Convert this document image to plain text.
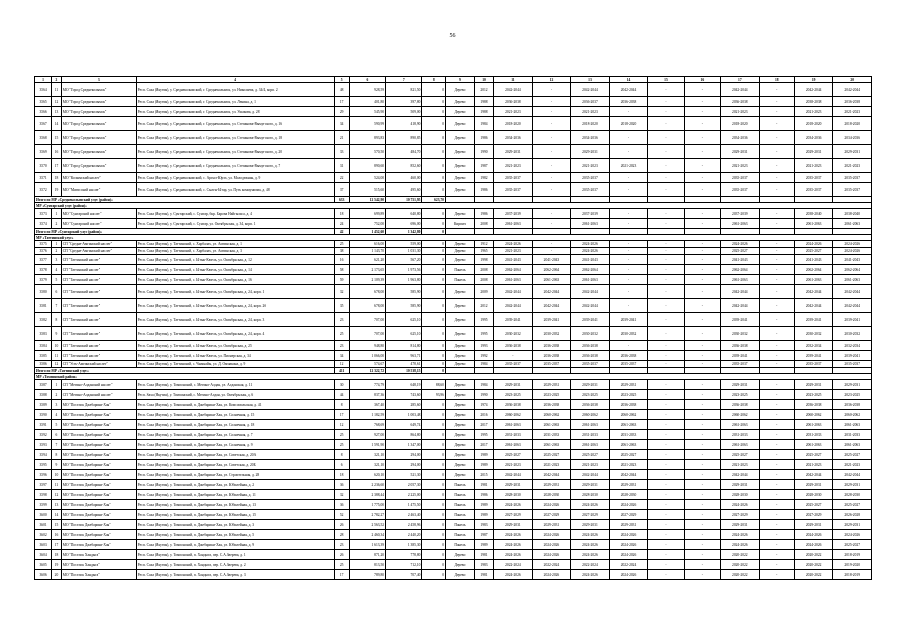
56
1	2	3	4	5	6	7	8	9	10	11	12	13	14	15	16	17	18	19	20
3564	11	МО "Город Среднеколымск"	Респ. Саха (Якутия), у. Среднеколымский, г. Среднеколымск, ул. Николаева, д. 34/4, корп. 2	48	928,59	821,50	0	Дерево	2012	2042-2044	-	2042-2044	2042-2044	-	-	2042-2044	-	2042-2044	2042-2044
3565	12	МО "Город Среднеколымск"	Респ. Саха (Якутия), у. Среднеколымский, г. Среднеколымск, ул. Ленина, д. 1	17	401,80	397,80	0	Дерево	1988	2036-2038	-	2036-2037	2036-2038	-	-	2036-2038	-	2038-2038	2036-2038
3566	13	МО "Город Среднеколымск"	Респ. Саха (Якутия), у. Среднеколымский, г. Среднеколымск, ул. Ушакова, д. 28	29	545,90	509,00	0	Дерево	1988	2021-2023	-	2021-2023	-	-	-	2021-2023	-	2021-2023	2021-2023
3567	14	МО "Город Среднеколымск"	Респ. Саха (Якутия), у. Среднеколымский, г. Среднеколымск, ул. Степанова-Вымугского, д. 16	34	590,99	418,90	0	Дерево	1984	2018-2020	-	2018-2020	2018-2020	-	-	2018-2020	-	2018-2020	2018-2020
3568	15	МО "Город Среднеколымск"	Респ. Саха (Якутия), у. Среднеколымский, г. Среднеколымск, ул. Степанова-Вымугского, д. 18	21	893,83	890,85	0	Дерево	1986	2034-2036	-	2034-2036	-	-	-	2034-2036	-	2034-2036	2034-2036
3569	16	МО "Город Среднеколымск"	Респ. Саха (Якутия), у. Среднеколымский, г. Среднеколымск, ул. Степанова-Вымугского, д. 20	33	570,50	484,70	0	Дерево	1990	2029-2031	-	2029-2031	-	-	-	2029-2031	-	2029-2031	2029-2031
3570	17	МО "Город Среднеколымск"	Респ. Саха (Якутия), у. Среднеколымский, г. Среднеколымск, ул. Степанова-Вымугского, д. 7	31	890,60	852,60	0	Дерево	1987	2021-2023	-	2021-2023	2021-2023	-	-	2021-2023	-	2021-2023	2021-2023
3571	18	МО "Колымский наслег"	Респ. Саха (Якутия), у. Среднеколымский, с. Аргыл-Юрэх, ул. Молодежная, д. 9	22	524,00	460,00	0	Дерево	1982	2035-2037	-	2035-2037	-	-	-	2035-2037	-	2035-2037	2035-2037
3572	19	МО "Мятисский наслег"	Респ. Саха (Якутия), у. Среднеколымский, с. Сылгы-Ытар, ул. Путь коммунизма, д. 48	37	515,60	495,60	0	Дерево	1986	2035-2037	-	2035-2037	-	-	-	2035-2037	-	2035-2037	2035-2037
Итого по МР «Среднеколымский улус (район)»				633	12 542,90	10 751,95	623,70												
МР «Сунтарский улус (район)»																			
3573	1	МО "Сунтарский наслег"	Респ. Саха (Якутия), у. Сунтарский, с. Сунтар, бкр. Барова Найгыласа, д. 4	18	699,89	640,80	0	Дерево	1986	2037-2039	-	2037-2039	-	-	-	2037-2039	-	2038-2040	2038-2040
3574	2	МО "Сунтарский наслег"	Респ. Саха (Якутия), у. Сунтарский, с. Сунтар, ул. Октябрьская, д. 34, корп. 1	24	752,00	696,00	0	Кирпич	2008	2061-2063	-	2061-2063	-	-	-	2061-2063	-	2061-2063	2061-2063
Итого по МР «Сунтарский улус (район)»				42	1 452,60	1 342,80	0												
МР «Таттинский улус»																			
3575	1	СП "Средне-Амгинский наслег"	Респ. Саха (Якутия), у. Таттинский, с. Харбалах, ул. Амгинская, д. 1	25	616,00	559,00	0	Дерево	1912	2024-2026	-	2024-2026	-	-	-	2024-2026	-	2024-2026	2024-2026
3576	2	СП "Средне-Амгинский наслег"	Респ. Саха (Якутия), у. Таттинский, с. Харбалах, ул. Амгинская, д. 3	38	1 143,70	1 031,30	0	Дерево	1965	2021-2023	-	2024-2026	-	-	-	2025-2027	-	2025-2027	2024-2026
3577	3	СП "Таттинский наслег"	Респ. Саха (Якутия), у. Таттинский, с. Ытык-Кюель, ул. Октябрьская, д. 12	16	621,20	567,20	0	Дерево	1998	2041-2043	2041-2043	2041-2043	-	-	-	2041-2043	-	2041-2043	2041-2043
3578	4	СП "Таттинский наслег"	Респ. Саха (Якутия), у. Таттинский, с. Ытык-Кюель, ул. Октябрьская, д. 14	58	2 173,65	1 973,56	0	Панель	2008	2062-2064	2062-2064	2062-2064	-	-	-	2062-2064	-	2062-2064	2062-2064
3579	5	СП "Таттинский наслег"	Респ. Саха (Якутия), у. Таттинский, с. Ытык-Кюель, ул. Октябрьская, д. 16	59	2 109,39	1 963,80	0	Панель	2008	2061-2063	2061-2063	2061-2063	-	-	-	2061-2063	-	2061-2063	2061-2063
3580	6	СП "Таттинский наслег"	Респ. Саха (Якутия), у. Таттинский, с. Ытык-Кюель, ул. Октябрьская, д. 24, корп. 1	32	678,00	585,90	0	Дерево	2009	2042-2044	2042-2044	2042-2044	-	-	-	2042-2044	-	2042-2044	2042-2044
3581	7	СП "Таттинский наслег"	Респ. Саха (Якутия), у. Таттинский, с. Ытык-Кюель, ул. Октябрьская, д. 24, корп. 2б	35	678,00	585,90	0	Дерево	2012	2042-2044	2042-2044	2042-2044	-	-	-	2042-2044	-	2042-2044	2042-2044
3582	8	СП "Таттинский наслег"	Респ. Саха (Якутия), у. Таттинский, с. Ытык-Кюель, ул. Октябрьская, д. 24, корп. 3	23	707,00	625,10	0	Дерево	1995	2039-2041	2039-2041	2039-2041	2039-2041	-	-	2039-2041	-	2039-2041	2039-2041
3583	9	СП "Таттинский наслег"	Респ. Саха (Якутия), у. Таттинский, с. Ытык-Кюель, ул. Октябрьская, д. 24, корп. 4	25	707,00	625,10	0	Дерево	1995	2030-2032	2030-2032	2030-2032	2030-2032	-	-	2030-2032	-	2030-2032	2030-2032
3584	10	СП "Таттинский наслег"	Респ. Саха (Якутия), у. Таттинский, с. Ытык-Кюель, ул. Октябрьская, д. 25	23	948,80	814,80	0	Дерево	1993	2036-2038	2036-2038	2036-2038	-	-	-	2036-2038	-	2032-2034	2032-2034
3585	11	СП "Таттинский наслег"	Респ. Саха (Якутия), у. Таттинский, с. Ытык-Кюель, ул. Пионерская, д. 34	34	1 066,00	963,71	0	Дерево	1992	-	2036-2038	2036-2038	2036-2038	-	-	2039-2041	-	2039-2041	2039-2041
3586	12	СП "Усть-Амгинский наслег"	Респ. Саха (Якутия), у. Таттинский, с. Чымнайы, ул. Д. Оммакона, д. 9	12	574,67	478,61	0	Дерево	1984	2035-2037	2035-2037	2035-2037	2035-2037	-	-	2035-2037	-	2035-2037	2035-2037
Итого по МР «Таттинский улус»				411	12 322,72	10 538,15	0												
МР «Томпонский район»																			
3587	1	СП "Мегино-Алданский наслег"	Респ. Саха (Якутия), у. Томпонский, с. Мегино-Алдан, ул. Алданская, д. 11	30	774,79	648,19	88,60	Дерево	1984	2029-2031	2029-2031	2029-2031	2029-2031	-	-	2029-2031	-	2029-2031	2029-2031
3588	2	СП "Мегино-Алданский наслег"	Респ. Saxa (Якутия), у. Томпонский, с. Мегино-Алдан, ул. Октябрьская, д. 6	44	837,36	743,60	93,96	Дерево	1990	2023-2025	2023-2025	2023-2025	2023-2025	-	-	2023-2025	-	2023-2025	2023-2025
3589	3	МО "Поселок Джебарики-Хая"	Респ. Саха (Якутия), у. Томпонский, п. Джебарики-Хая, ул. Комсомольская, д. 41	8	367,40	285,60	0	Дерево	1974	2036-2038	2036-2038	2036-2038	2036-2038	-	-	2036-2038	-	2036-2038	2036-2038
3590	4	МО "Поселок Джебарики-Хая"	Респ. Саха (Якутия), у. Томпонский, п. Джебарики-Хая, ул. Солнечная, д. 15	17	1 182,59	1 003,48	0	Дерево	2016	2060-2062	2060-2062	2060-2062	2060-2062	-	-	2060-2062	-	2060-2062	2060-2062
3591	5	МО "Поселок Джебарики-Хая"	Респ. Саха (Якутия), у. Томпонский, п. Джебарики-Хая, ул. Солнечная, д. 18	12	768,69	649,74	0	Дерево	2017	2061-2063	2061-2063	2061-2063	2061-2063	-	-	2061-2063	-	2061-2063	2061-2063
3592	6	МО "Поселок Джебарики-Хая"	Респ. Саха (Якутия), у. Томпонский, п. Джебарики-Хая, ул. Солнечная, д. 7	25	927,00	864,80	0	Дерево	1995	2031-2033	2031-2033	2031-2033	2031-2033	-	-	2031-2033	-	2031-2033	2031-2033
3593	7	МО "Поселок Джебарики-Хая"	Респ. Саха (Якутия), у. Томпонский, п. Джебарики-Хая, ул. Солнечная, д. 9	25	1 591,90	1 347,00	0	Дерево	2017	2061-2063	2061-2063	2061-2063	2061-2063	-	-	2061-2063	-	2061-2063	2061-2063
3594	8	МО "Поселок Джебарики-Хая"	Респ. Саха (Якутия), у. Томпонский, п. Джебарики-Хая, ул. Советская, д. 20А	8	321,10	294,00	0	Дерево	1989	2025-2027	2025-2027	2025-2027	2025-2027	-	-	2025-2027	-	2025-2027	2025-2027
3595	9	МО "Поселок Джебарики-Хая"	Респ. Саха (Якутия), у. Томпонский, п. Джебарики-Хая, ул. Советская, д. 20Б	6	321,10	294,00	0	Дерево	1989	2021-2023	2021-2023	2021-2023	2021-2023	-	-	2021-2023	-	2021-2023	2021-2023
3596	10	МО "Поселок Джебарики-Хая"	Респ. Саха (Якутия), у. Томпонский, п. Джебарики-Хая, ул. Строительная, д. 28	18	620,10	521,30	0	Дерево	2015	2042-2044	2042-2044	2042-2044	2042-2044	-	-	2042-2044	-	2042-2044	2042-2044
3597	11	МО "Поселок Джебарики-Хая"	Респ. Саха (Якутия), у. Томпонский, п. Джебарики-Хая, ул. Юбилейная, д. 2	36	2 236,60	2 057,30	0	Панель	1981	2029-2031	2029-2031	2029-2031	2029-2031	-	-	2029-2031	-	2029-2031	2029-2031
3598	12	МО "Поселок Джебарики-Хая"	Респ. Саха (Якутия), у. Томпонский, п. Джебарики-Хая, ул. Юбилейная, д. 11	32	2 388,44	2 225,00	0	Панель	1986	2028-2030	2028-2030	2028-2030	2028-2030	-	-	2028-2030	-	2028-2030	2028-2030
3599	13	МО "Поселок Джебарики-Хая"	Респ. Саха (Якутия), у. Томпонский, п. Джебарики-Хая, ул. Юбилейная, д. 13	36	1 775,00	1 475,50	0	Панель	1989	2024-2026	2024-2026	2024-2026	2024-2026	-	-	2024-2026	-	2025-2027	2025-2027
3600	14	МО "Поселок Джебарики-Хая"	Респ. Саха (Якутия), у. Томпонский, п. Джебарики-Хая, ул. Юбилейная, д. 15	52	2 782,27	2 463,40	0	Панель	1989	2027-2029	2027-2029	2027-2029	2027-2029	-	-	2027-2029	-	2027-2029	2026-2028
3601	15	МО "Поселок Джебарики-Хая"	Респ. Саха (Якутия), у. Томпонский, п. Джебарики-Хая, ул. Юбилейная, д. 3	26	2 563,52	2 458,96	0	Панель	1983	2029-2031	2029-2031	2029-2031	2029-2031	-	-	2029-2031	-	2029-2031	2029-2031
3602	16	МО "Поселок Джебарики-Хая"	Респ. Саха (Якутия), у. Томпонский, п. Джебарики-Хая, ул. Юбилейная, д. 5	28	2 460,34	2 440,20	0	Панель	1987	2024-2026	2024-2026	2024-2026	2024-2026	-	-	2024-2026	-	2024-2026	2024-2026
3603	17	МО "Поселок Джебарики-Хая"	Респ. Саха (Якутия), у. Томпонский, п. Джебарики-Хая, ул. Юбилейная, д. 9	23	1 613,39	1 385,30	0	Панель	1989	2024-2026	2024-2026	2024-2026	2024-2026	-	-	2024-2026	-	2024-2026	2025-2027
3604	18	МО "Поселок Хандыга"	Респ. Саха (Якутия), у. Томпонский, п. Хандыга, пер. С.А.Зверева, д. 1	26	871,20	778,80	0	Дерево	1981	2024-2026	2024-2026	2024-2026	2024-2026	-	-	2020-2022	-	2020-2022	2018-2019
3605	19	МО "Поселок Хандыга"	Респ. Саха (Якутия), у. Томпонский, п. Хандыга, пер. С.А.Зверева, д. 2	25	813,50	712,10	0	Дерево	1983	2022-2024	2022-2024	2022-2024	2022-2024	-	-	2020-2022	-	2020-2022	2019-2020
3606	20	МО "Поселок Хандыга"	Респ. Саха (Якутия), у. Томпонский, п. Хандыга, пер. С.А.Зверева, д. 3	17	789,80	707,40	0	Дерево	1981	2024-2026	2024-2026	2024-2026	2024-2026	-	-	2020-2022	-	2020-2022	2018-2019
